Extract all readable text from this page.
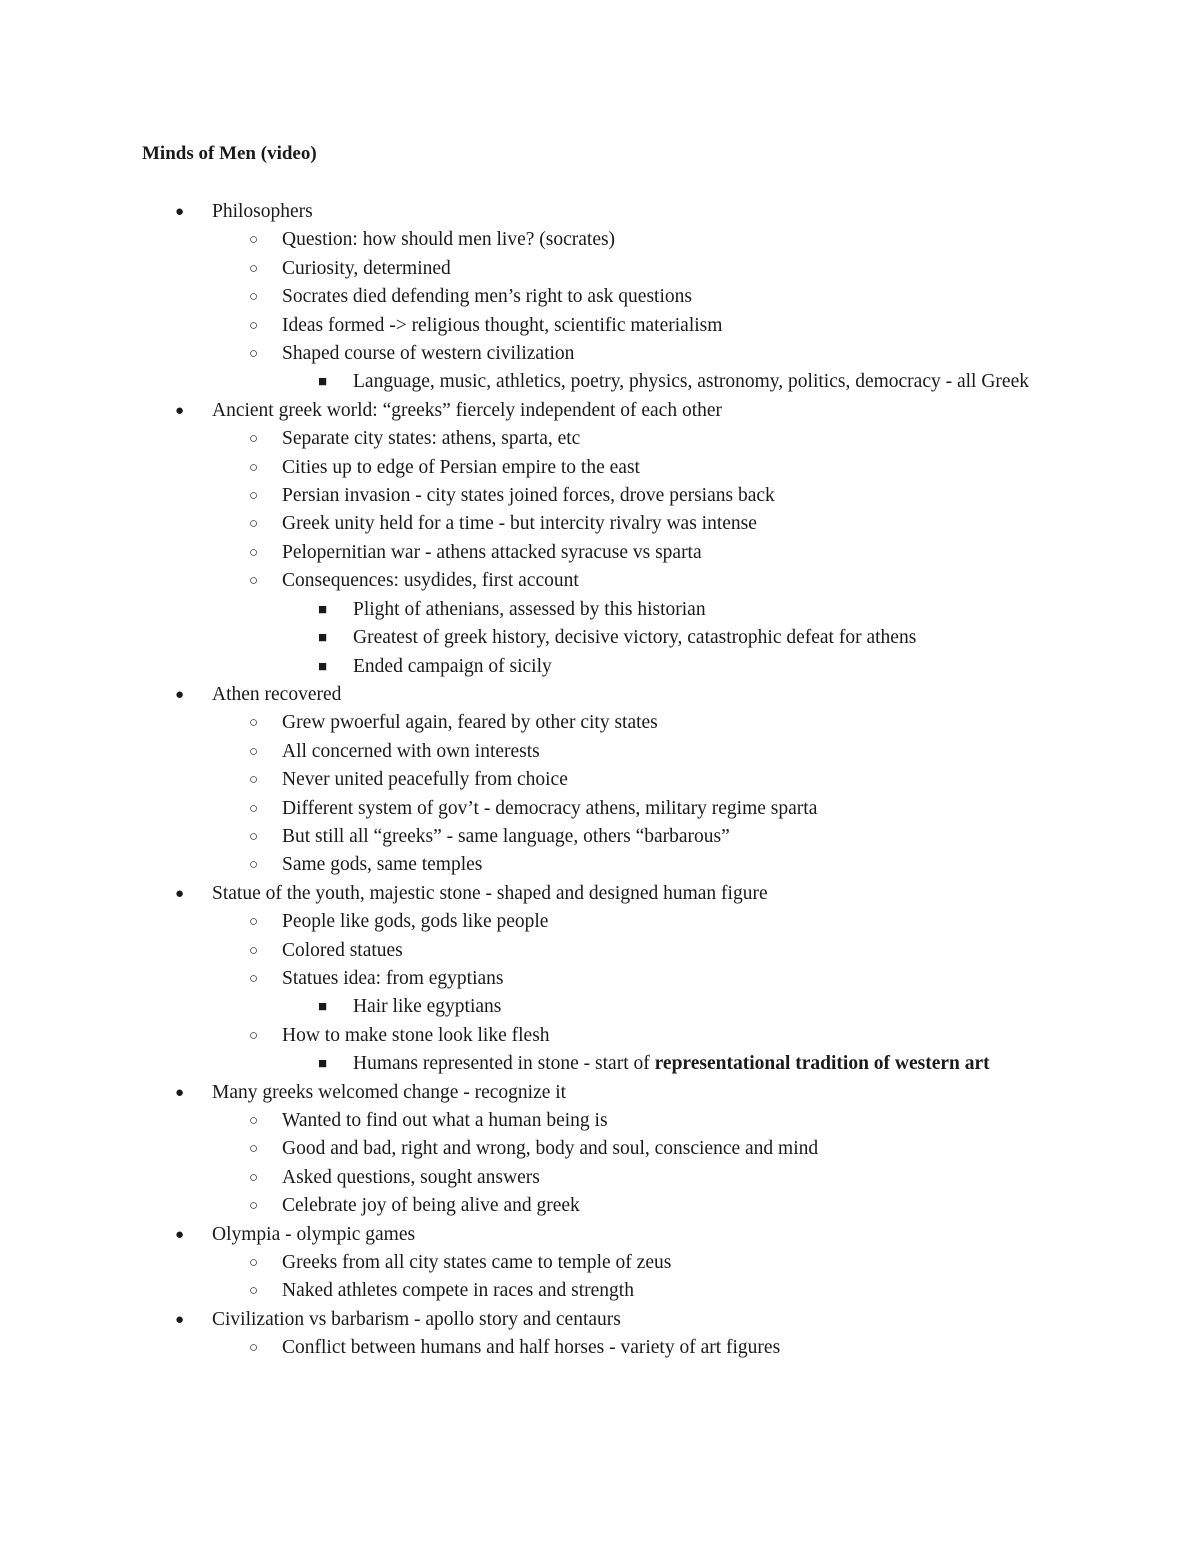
Minds of Men (video)
● Philosophers
○ Question: how should men live? (socrates)
○ Curiosity, determined
○ Socrates died defending men’s right to ask questions
○ Ideas formed -> religious thought, scientific materialism
○ Shaped course of western civilization
■ Language, music, athletics, poetry, physics, astronomy, politics, democracy - all Greek
● Ancient greek world: “greeks” fiercely independent of each other
○ Separate city states: athens, sparta, etc
○ Cities up to edge of Persian empire to the east
○ Persian invasion - city states joined forces, drove persians back
○ Greek unity held for a time - but intercity rivalry was intense
○ Pelopernitian war - athens attacked syracuse vs sparta
○ Consequences: usydides, first account
■ Plight of athenians, assessed by this historian
■ Greatest of greek history, decisive victory, catastrophic defeat for athens
■ Ended campaign of sicily
● Athen recovered
○ Grew pwoerful again, feared by other city states
○ All concerned with own interests
○ Never united peacefully from choice
○ Different system of gov’t - democracy athens, military regime sparta
○ But still all “greeks” - same language, others “barbarous”
○ Same gods, same temples
● Statue of the youth, majestic stone - shaped and designed human figure
○ People like gods, gods like people
○ Colored statues
○ Statues idea: from egyptians
■ Hair like egyptians
○ How to make stone look like flesh
■ Humans represented in stone - start of representational tradition of western art
● Many greeks welcomed change - recognize it
○ Wanted to find out what a human being is
○ Good and bad, right and wrong, body and soul, conscience and mind
○ Asked questions, sought answers
○ Celebrate joy of being alive and greek
● Olympia - olympic games
○ Greeks from all city states came to temple of zeus
○ Naked athletes compete in races and strength
● Civilization vs barbarism - apollo story and centaurs
○ Conflict between humans and half horses - variety of art figures
